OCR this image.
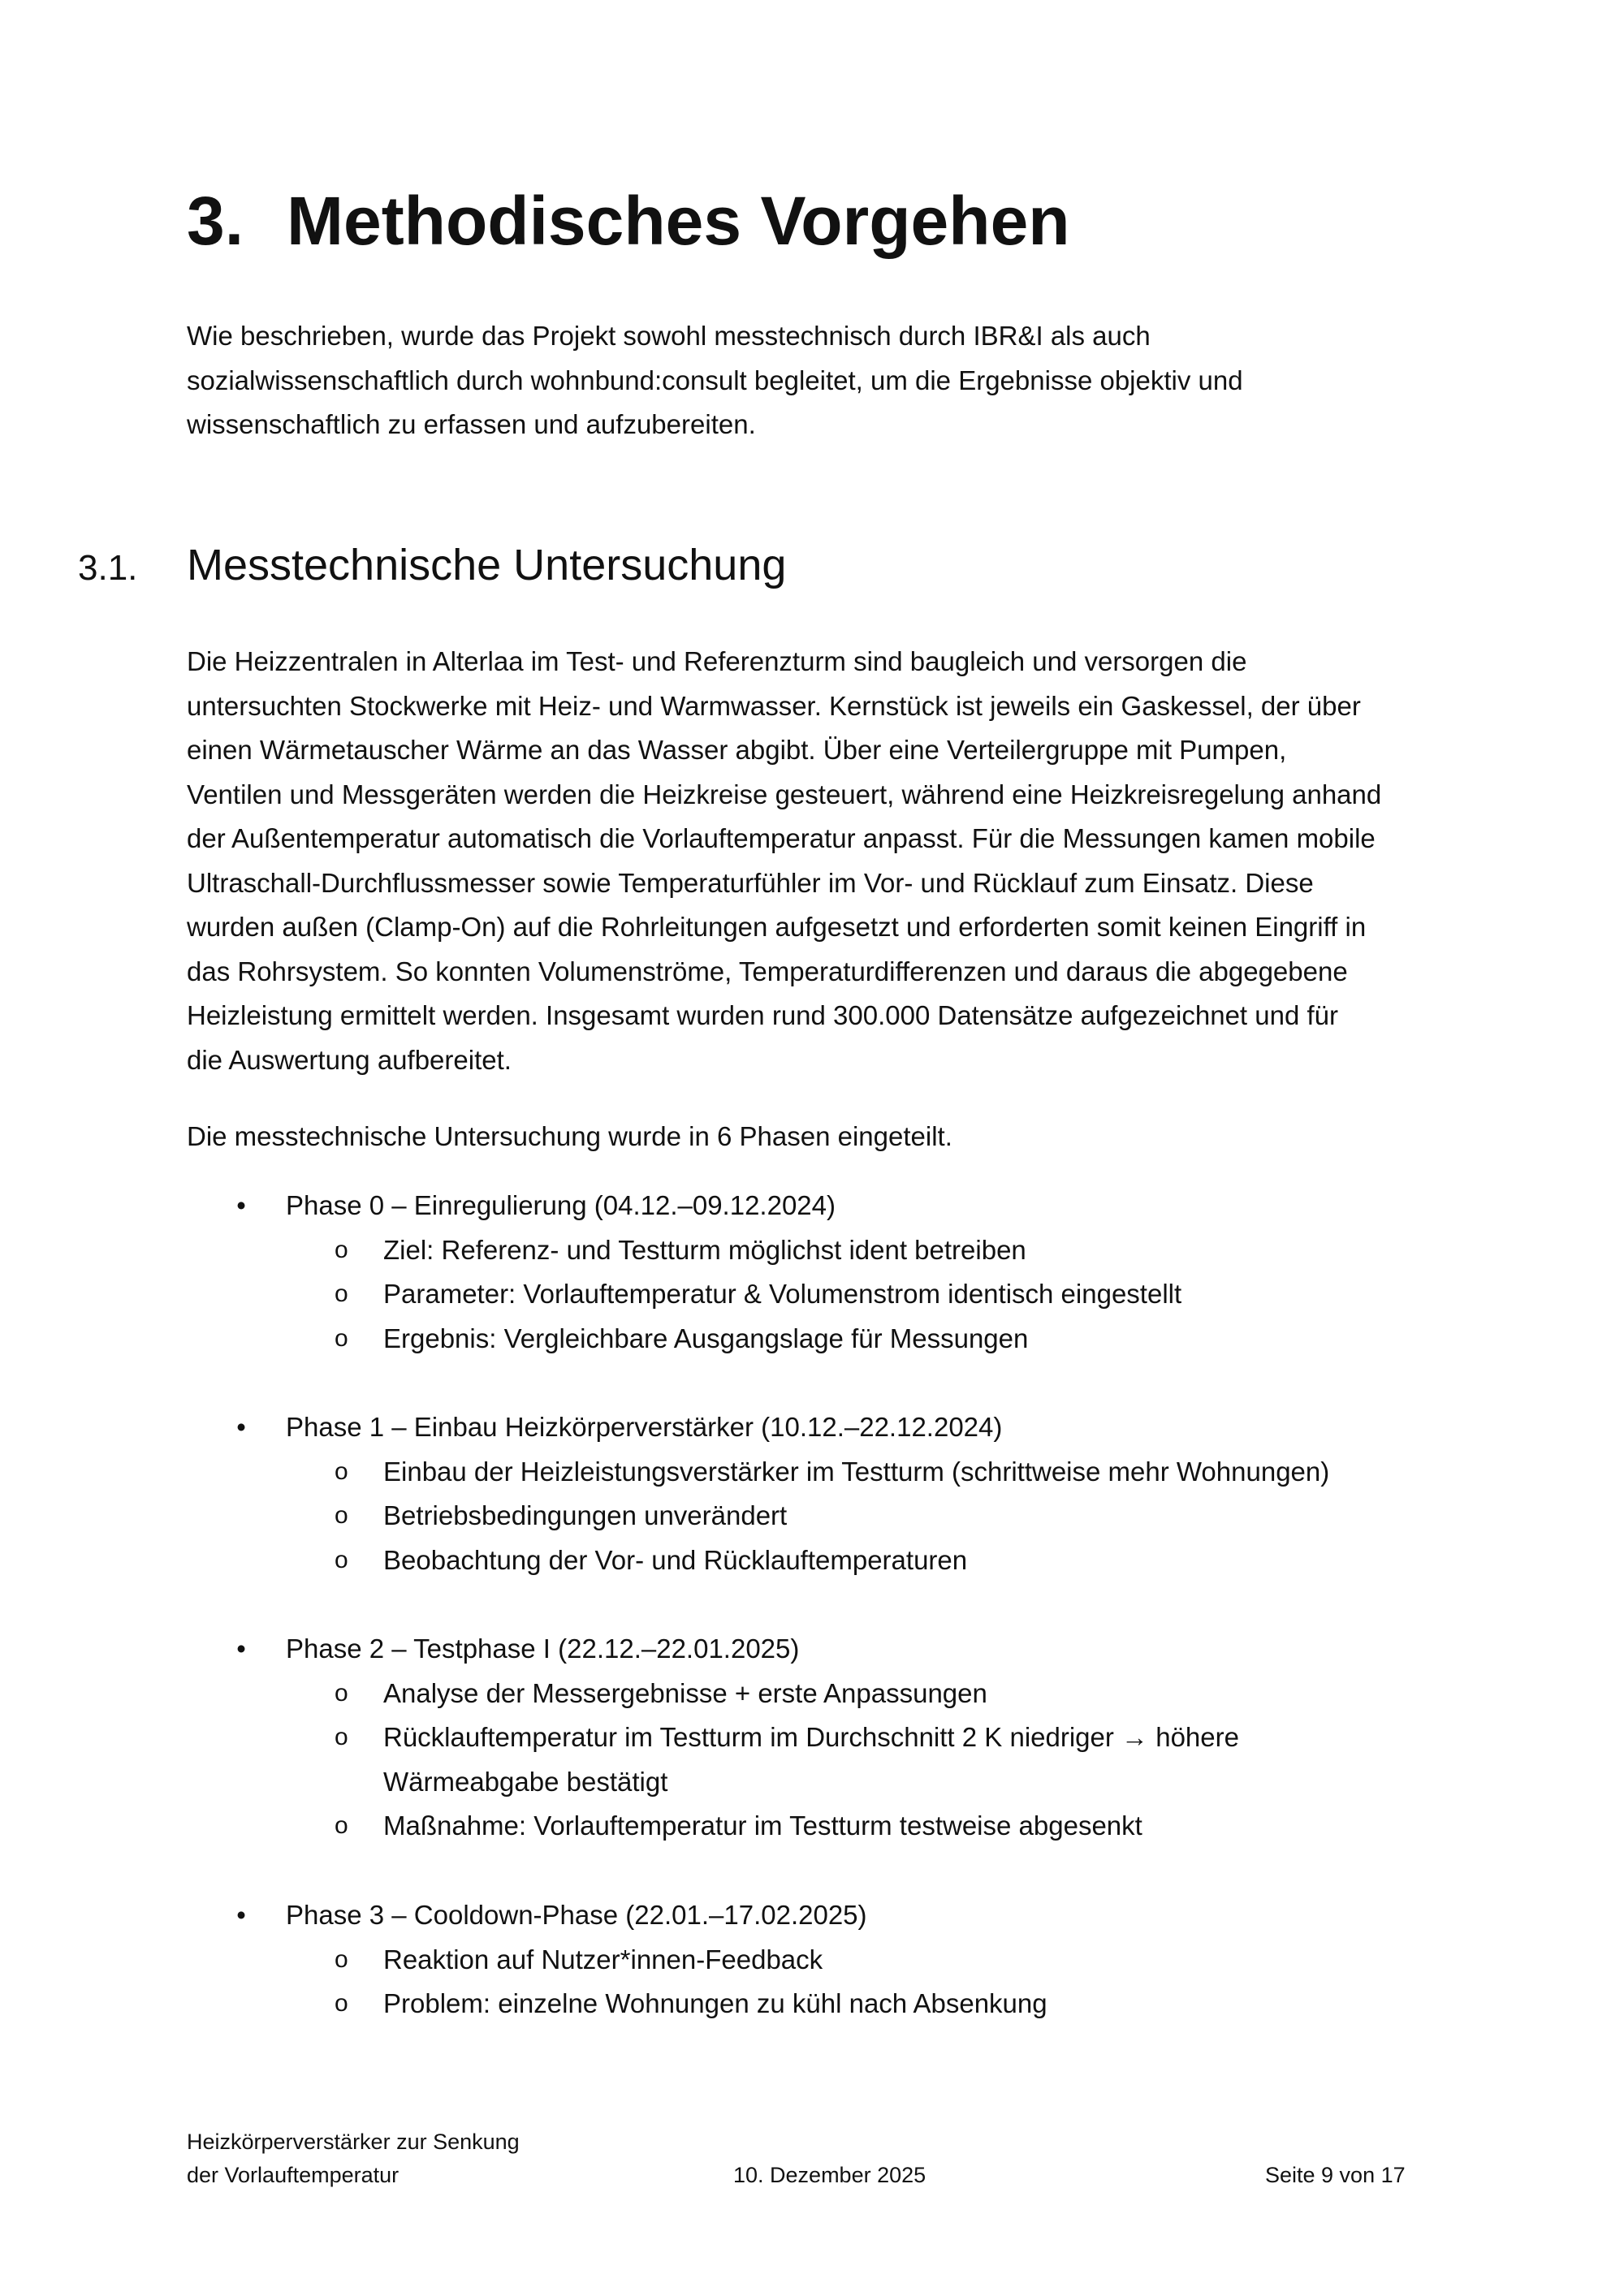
3. Methodisches Vorgehen

Wie beschrieben, wurde das Projekt sowohl messtechnisch durch IBR&I als auch
sozialwissenschaftlich durch wohnbund:consult begleitet, um die Ergebnisse objektiv und
wissenschaftlich zu erfassen und aufzubereiten.

3.1. Messtechnische Untersuchung

Die Heizzentralen in Alterlaa im Test- und Referenzturm sind baugleich und versorgen die
untersuchten Stockwerke mit Heiz- und Warmwasser. Kernstück ist jeweils ein Gaskessel, der über
einen Wärmetauscher Wärme an das Wasser abgibt. Über eine Verteilergruppe mit Pumpen,
Ventilen und Messgeräten werden die Heizkreise gesteuert, während eine Heizkreisregelung anhand
der Außentemperatur automatisch die Vorlauftemperatur anpasst. Für die Messungen kamen mobile
Ultraschall-Durchflussmesser sowie Temperaturfühler im Vor- und Rücklauf zum Einsatz. Diese
wurden außen (Clamp-On) auf die Rohrleitungen aufgesetzt und erforderten somit keinen Eingriff in
das Rohrsystem. So konnten Volumenströme, Temperaturdifferenzen und daraus die abgegebene
Heizleistung ermittelt werden. Insgesamt wurden rund 300.000 Datensätze aufgezeichnet und für
die Auswertung aufbereitet.

Die messtechnische Untersuchung wurde in 6 Phasen eingeteilt.

• Phase 0 – Einregulierung (04.12.–09.12.2024)
o Ziel: Referenz- und Testturm möglichst ident betreiben
o Parameter: Vorlauftemperatur & Volumenstrom identisch eingestellt
o Ergebnis: Vergleichbare Ausgangslage für Messungen
• Phase 1 – Einbau Heizkörperverstärker (10.12.–22.12.2024)
o Einbau der Heizleistungsverstärker im Testturm (schrittweise mehr Wohnungen)
o Betriebsbedingungen unverändert
o Beobachtung der Vor- und Rücklauftemperaturen
• Phase 2 – Testphase I (22.12.–22.01.2025)
o Analyse der Messergebnisse + erste Anpassungen
o Rücklauftemperatur im Testturm im Durchschnitt 2 K niedriger → höhere
Wärmeabgabe bestätigt
o Maßnahme: Vorlauftemperatur im Testturm testweise abgesenkt
• Phase 3 – Cooldown-Phase (22.01.–17.02.2025)
o Reaktion auf Nutzer*innen-Feedback
o Problem: einzelne Wohnungen zu kühl nach Absenkung
Heizkörperverstärker zur Senkung
der Vorlauftemperatur	10. Dezember 2025	Seite 9 von 17
